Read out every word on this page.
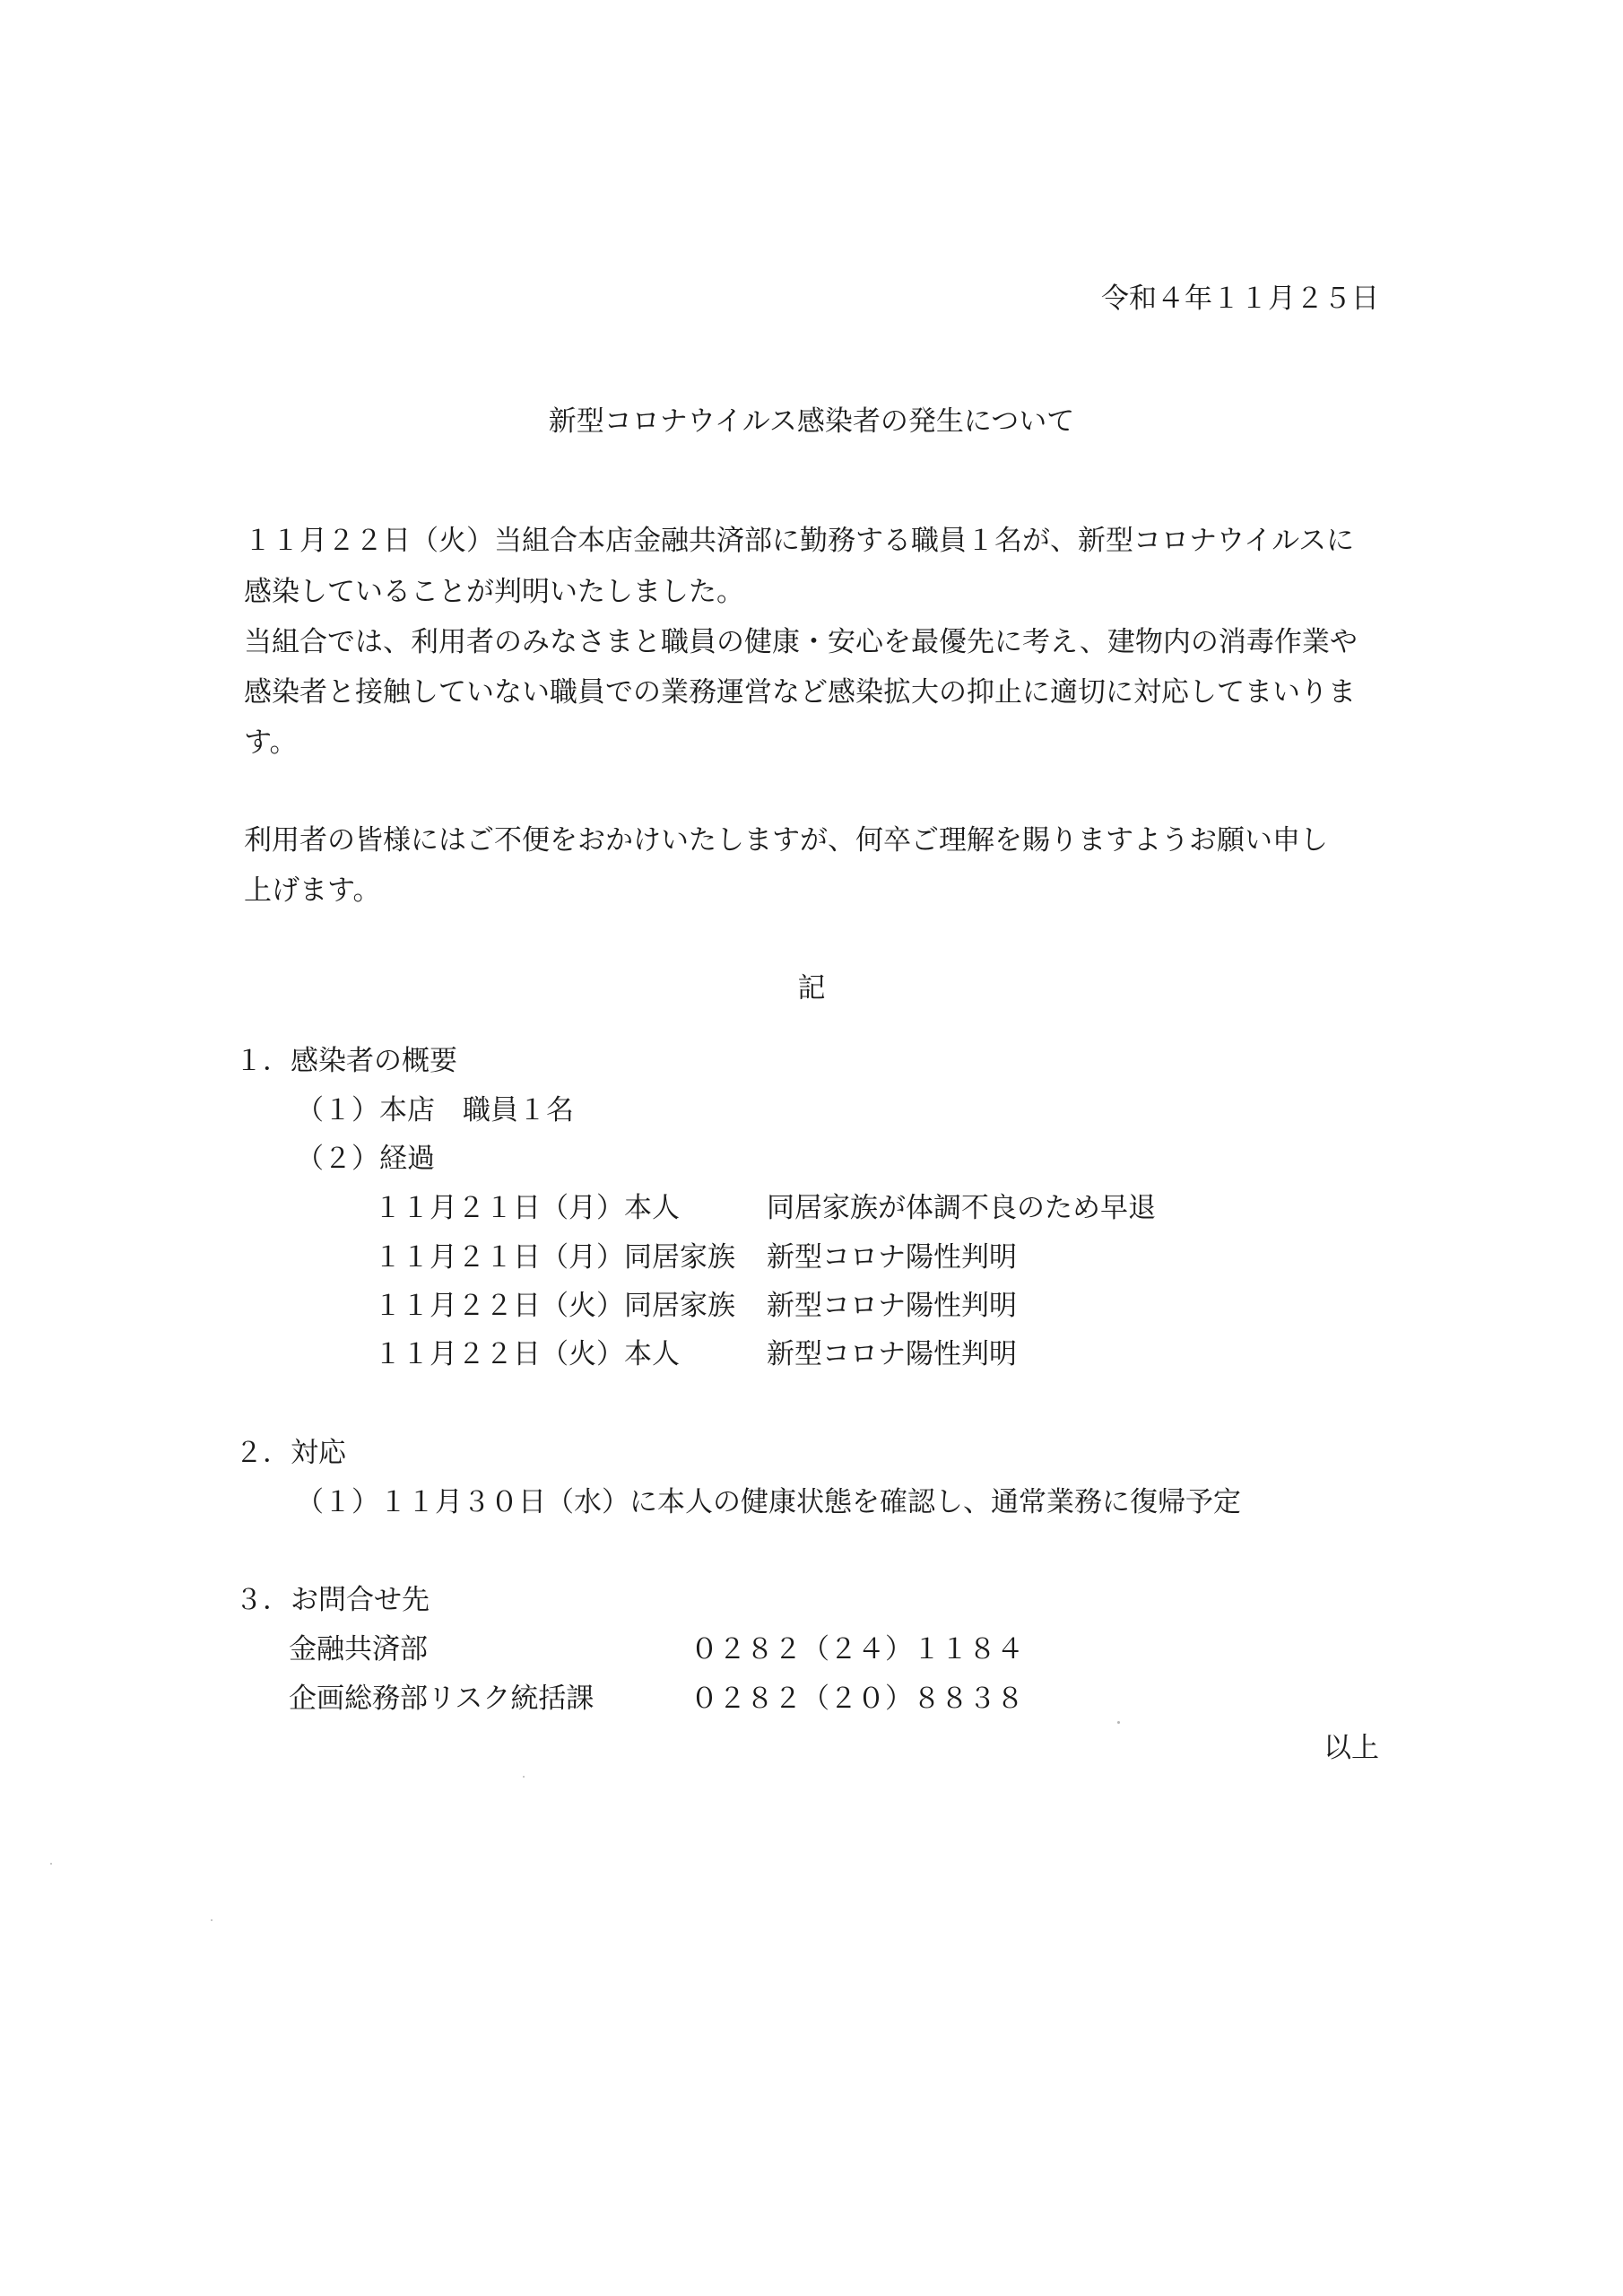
令和４年１１月２５日
新型コロナウイルス感染者の発生について
１１月２２日（火）当組合本店金融共済部に勤務する職員１名が、新型コロナウイルスに
感染していることが判明いたしました。
当組合では、利用者のみなさまと職員の健康・安心を最優先に考え、建物内の消毒作業や
感染者と接触していない職員での業務運営など感染拡大の抑止に適切に対応してまいりま
す。
利用者の皆様にはご不便をおかけいたしますが、何卒ご理解を賜りますようお願い申し
上げます。
記
１．感染者の概要
（１）本店　職員１名
（２）経過
１１月２１日（月）本人	同居家族が体調不良のため早退
１１月２１日（月）同居家族 新型コロナ陽性判明
１１月２２日（火）同居家族 新型コロナ陽性判明
１１月２２日（火）本人	新型コロナ陽性判明
２．対応
（１）１１月３０日（水）に本人の健康状態を確認し、通常業務に復帰予定
３．お問合せ先
金融共済部	０２８２（２４）１１８４
企画総務部リスク統括課	０２８２（２０）８８３８
以上
